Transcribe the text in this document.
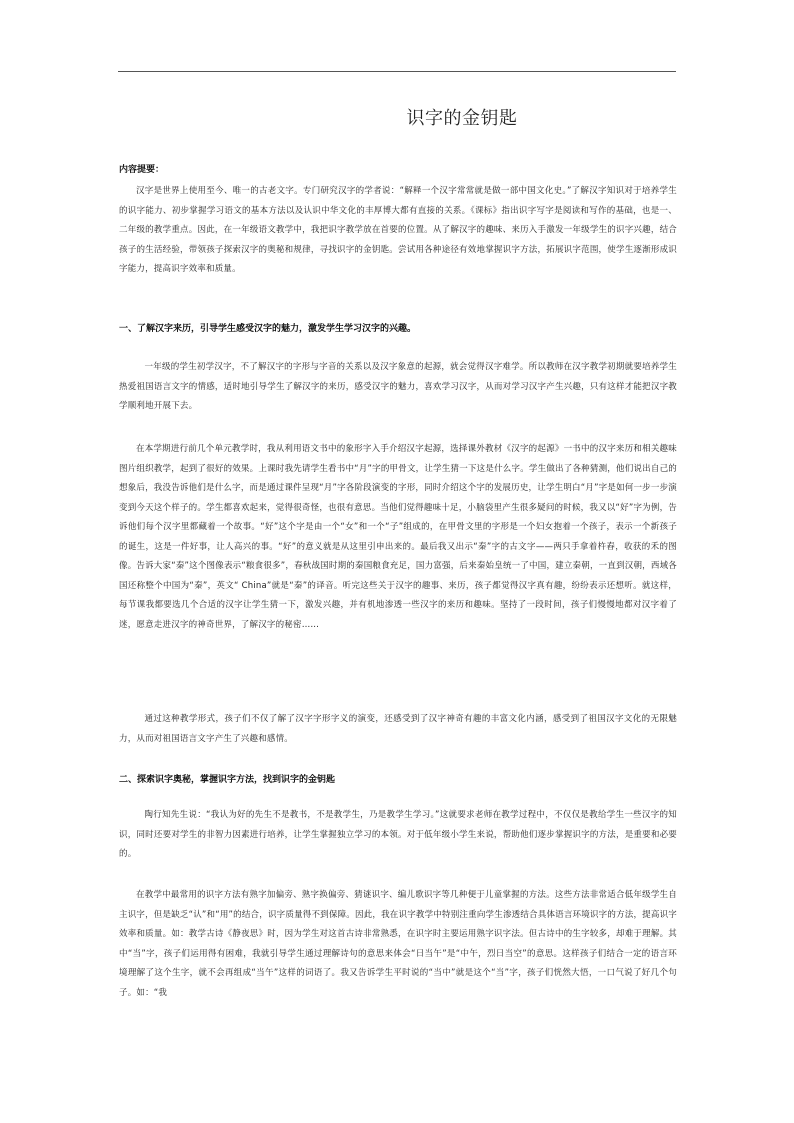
识字的金钥匙
内容提要：
汉字是世界上使用至今、唯一的古老文字。专门研究汉字的学者说：“解释一个汉字常常就是做一部中国文化史。”了解汉字知识对于培养学生的识字能力、初步掌握学习语文的基本方法以及认识中华文化的丰厚博大都有直接的关系。《课标》指出识字写字是阅读和写作的基础，也是一、二年级的教学重点。因此，在一年级语文教学中，我把识字教学放在首要的位置。从了解汉字的趣味、来历入手激发一年级学生的识字兴趣，结合孩子的生活经验，带领孩子探索汉字的奥秘和规律，寻找识字的金钥匙。尝试用各种途径有效地掌握识字方法，拓展识字范围，使学生逐渐形成识字能力，提高识字效率和质量。
一、了解汉字来历，引导学生感受汉字的魅力，激发学生学习汉字的兴趣。
一年级的学生初学汉字，不了解汉字的字形与字音的关系以及汉字象意的起源，就会觉得汉字难学。所以教师在汉字教学初期就要培养学生热爱祖国语言文字的情感，适时地引导学生了解汉字的来历，感受汉字的魅力，喜欢学习汉字，从而对学习汉字产生兴趣，只有这样才能把汉字教学顺利地开展下去。
在本学期进行前几个单元教学时，我从利用语文书中的象形字入手介绍汉字起源，选择课外教材《汉字的起源》一书中的汉字来历和相关趣味图片组织教学，起到了很好的效果。上课时我先请学生看书中“月”字的甲骨文，让学生猜一下这是什么字。学生做出了各种猜测，他们说出自己的想象后，我没告诉他们是什么字，而是通过课件呈现“月”字各阶段演变的字形，同时介绍这个字的发展历史，让学生明白“月”字是如何一步一步演变到今天这个样子的。学生都喜欢起来，觉得很奇怪，也很有意思。当他们觉得趣味十足，小脑袋里产生很多疑问的时候，我又以“好”字为例，告诉他们每个汉字里都藏着一个故事。“好”这个字是由一个“女”和一个“子”组成的，在甲骨文里的字形是一个妇女抱着一个孩子，表示一个新孩子的诞生，这是一件好事，让人高兴的事。“好”的意义就是从这里引申出来的。最后我又出示“秦”字的古文字——两只手拿着杵舂，收获的禾的图像。告诉大家“秦”这个图像表示“粮食很多”，春秋战国时期的秦国粮食充足，国力富强，后来秦始皇统一了中国，建立秦朝，一直到汉朝，西域各国还称整个中国为“秦”，英文“ China”就是“秦”的译音。听完这些关于汉字的趣事、来历，孩子都觉得汉字真有趣，纷纷表示还想听。就这样，每节课我都要选几个合适的汉字让学生猜一下，激发兴趣，并有机地渗透一些汉字的来历和趣味。坚持了一段时间，孩子们慢慢地都对汉字着了迷，愿意走进汉字的神奇世界，了解汉字的秘密……
通过这种教学形式，孩子们不仅了解了汉字字形字义的演变，还感受到了汉字神奇有趣的丰富文化内涵，感受到了祖国汉字文化的无限魅力，从而对祖国语言文字产生了兴趣和感情。
二、探索识字奥秘，掌握识字方法，找到识字的金钥匙
陶行知先生说：“我认为好的先生不是教书，不是教学生，乃是教学生学习。”这就要求老师在教学过程中，不仅仅是教给学生一些汉字的知识，同时还要对学生的非智力因素进行培养，让学生掌握独立学习的本领。对于低年级小学生来说，帮助他们逐步掌握识字的方法，是重要和必要的。
在教学中最常用的识字方法有熟字加偏旁、熟字换偏旁、猜谜识字、编儿歌识字等几种便于儿童掌握的方法。这些方法非常适合低年级学生自主识字，但是缺乏“认”和“用”的结合，识字质量得不到保障。因此，我在识字教学中特别注重向学生渗透结合具体语言环境识字的方法，提高识字效率和质量。如：教学古诗《静夜思》时，因为学生对这首古诗非常熟悉，在识字时主要运用熟字识字法。但古诗中的生字较多，却难于理解。其中“当”字，孩子们运用得有困难，我就引导学生通过理解诗句的意思来体会“日当午”是“中午，烈日当空”的意思。这样孩子们结合一定的语言环境理解了这个生字，就不会再组成“当午”这样的词语了。我又告诉学生平时说的“当中”就是这个“当”字，孩子们恍然大悟，一口气说了好几个句子。如：“我
